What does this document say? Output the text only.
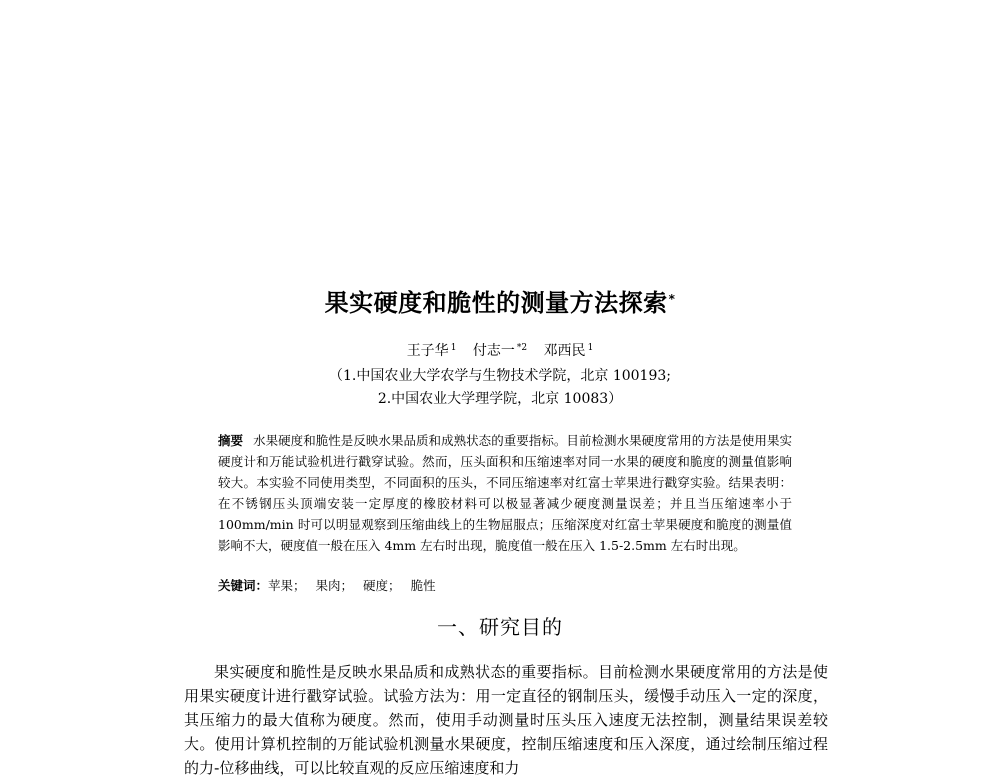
果实硬度和脆性的测量方法探索*
王子华 $^1$ 付志一 $^{*2}$ 邓西民 $^1$
（1.中国农业大学农学与生物技术学院，北京 100193;
2.中国农业大学理学院，北京 10083）
摘要 水果硬度和脆性是反映水果品质和成熟状态的重要指标。目前检测水果硬度常用的方法是使用果实硬度计和万能试验机进行戳穿试验。然而，压头面积和压缩速率对同一水果的硬度和脆度的测量值影响较大。本实验不同使用类型，不同面积的压头，不同压缩速率对红富士苹果进行戳穿实验。结果表明：在不锈钢压头顶端安装一定厚度的橡胶材料可以极显著减少硬度测量误差；并且当压缩速率小于 100mm/min 时可以明显观察到压缩曲线上的生物屈服点；压缩深度对红富士苹果硬度和脆度的测量值影响不大，硬度值一般在压入 4mm 左右时出现，脆度值一般在压入 1.5-2.5mm 左右时出现。
关键词：苹果； 果肉； 硬度； 脆性
一、研究目的

果实硬度和脆性是反映水果品质和成熟状态的重要指标。目前检测水果硬度常用的方法是使用果实硬度计进行戳穿试验。试验方法为：用一定直径的钢制压头，缓慢手动压入一定的深度，其压缩力的最大值称为硬度。然而，使用手动测量时压头压入速度无法控制，测量结果误差较大。使用计算机控制的万能试验机测量水果硬度，控制压缩速度和压入深度，通过绘制压缩过程的力-位移曲线，可以比较直观的反应压缩速度和力
